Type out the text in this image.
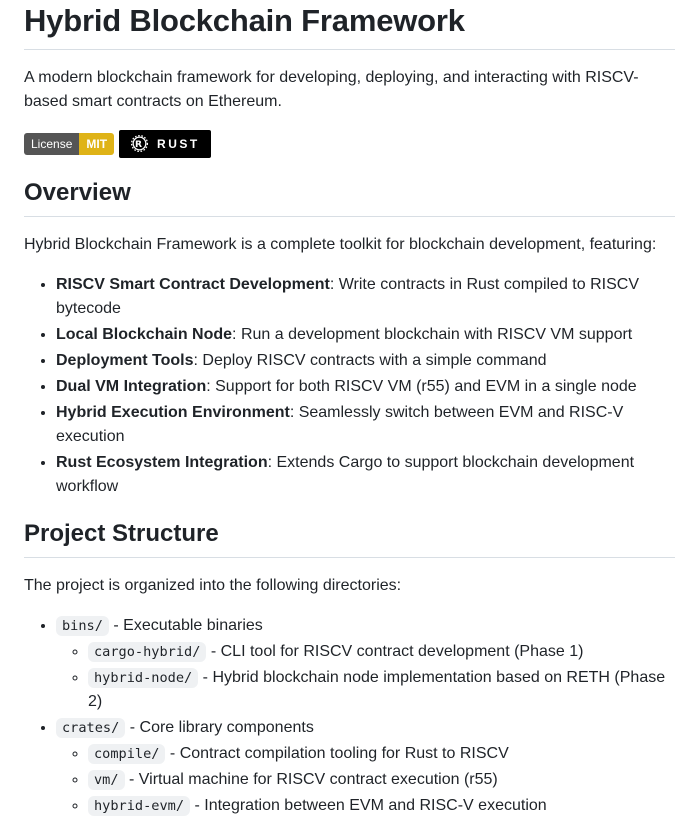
Hybrid Blockchain Framework

A modern blockchain framework for developing, deploying, and interacting with RISCV-based smart contracts on Ethereum.

License	MIT	R RUST
Overview

Hybrid Blockchain Framework is a complete toolkit for blockchain development, featuring:

• RISCV Smart Contract Development: Write contracts in Rust compiled to RISCV bytecode
• Local Blockchain Node: Run a development blockchain with RISCV VM support
• Deployment Tools: Deploy RISCV contracts with a simple command
• Dual VM Integration: Support for both RISCV VM (r55) and EVM in a single node
• Hybrid Execution Environment: Seamlessly switch between EVM and RISC-V execution
• Rust Ecosystem Integration: Extends Cargo to support blockchain development workflow
Project Structure

The project is organized into the following directories:

• bins/ - Executable binaries
◦ cargo-hybrid/ - CLI tool for RISCV contract development (Phase 1)
◦ hybrid-node/ - Hybrid blockchain node implementation based on RETH (Phase 2)
• crates/ - Core library components
◦ compile/ - Contract compilation tooling for Rust to RISCV
◦ vm/ - Virtual machine for RISCV contract execution (r55)
◦ hybrid-evm/ - Integration between EVM and RISC-V execution
